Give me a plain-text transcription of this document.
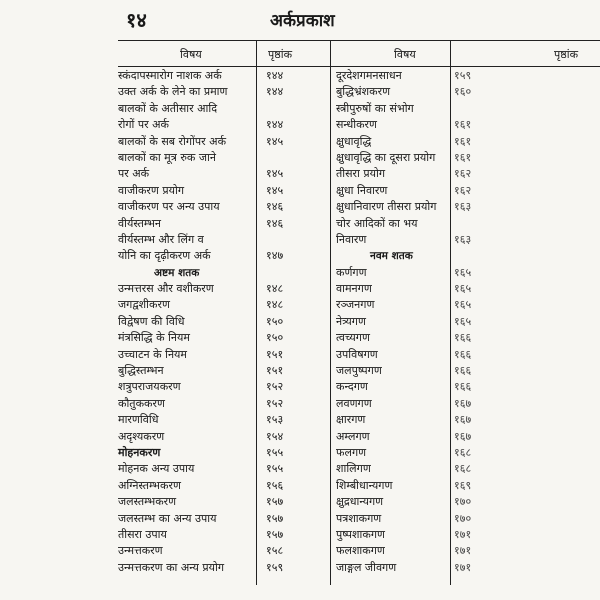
१४	अर्कप्रकाश
विषय	पृष्ठांक	विषय	पृष्ठांक
स्कंदापस्मारोग नाशक अर्क	१४४
उक्त अर्क के लेने का प्रमाण	१४४
बालकों के अतीसार आदि
रोगों पर अर्क	१४४
बालकों के सब रोगोंपर अर्क	१४५
बालकों का मूत्र रुक जाने
पर अर्क	१४५
वाजीकरण प्रयोग	१४५
वाजीकरण पर अन्य उपाय	१४६
वीर्यस्तम्भन	१४६
वीर्यस्तम्भ और लिंग व
योनि का दृढ़ीकरण अर्क	१४७
अष्टम शतक
उन्मत्तरस और वशीकरण	१४८
जगद्वशीकरण	१४८
विद्वेषण की विधि	१५०
मंत्रसिद्धि के नियम	१५०
उच्चाटन के नियम	१५१
बुद्धिस्तम्भन	१५१
शत्रुपराजयकरण	१५२
कौतुककरण	१५२
मारणविधि	१५३
अदृश्यकरण	१५४
मोहनकरण	१५५
मोहनक अन्य उपाय	१५५
अग्निस्तम्भकरण	१५६
जलस्तम्भकरण	१५७
जलस्तम्भ का अन्य उपाय	१५७
तीसरा उपाय	१५७
उन्मत्तकरण	१५८
उन्मत्तकरण का अन्य प्रयोग	१५९
दूरदेशगमनसाधन	१५९
बुद्धिभ्रंशकरण	१६०
स्त्रीपुरुषों का संभोग
सन्धीकरण	१६१
क्षुधावृद्धि	१६१
क्षुधावृद्धि का दूसरा प्रयोग १६१
तीसरा प्रयोग	१६२
क्षुधा निवारण	१६२
क्षुधानिवारण तीसरा प्रयोग १६३
चोर आदिकों का भय
निवारण	१६३
नवम शतक
कर्णगण	१६५
वामनगण	१६५
रञ्जनगण	१६५
नेत्र्यगण	१६५
त्वच्यगण	१६६
उपविषगण	१६६
जलपुष्पगण	१६६
कन्दगण	१६६
लवणगण	१६७
क्षारगण	१६७
अम्लगण	१६७
फलगण	१६८
शालिगण	१६८
शिम्बीधान्यगण	१६९
क्षुद्रधान्यगण	१७०
पत्रशाकगण	१७०
पुष्पशाकगण	१७१
फलशाकगण	१७१
जाङ्गल जीवगण	१७१
